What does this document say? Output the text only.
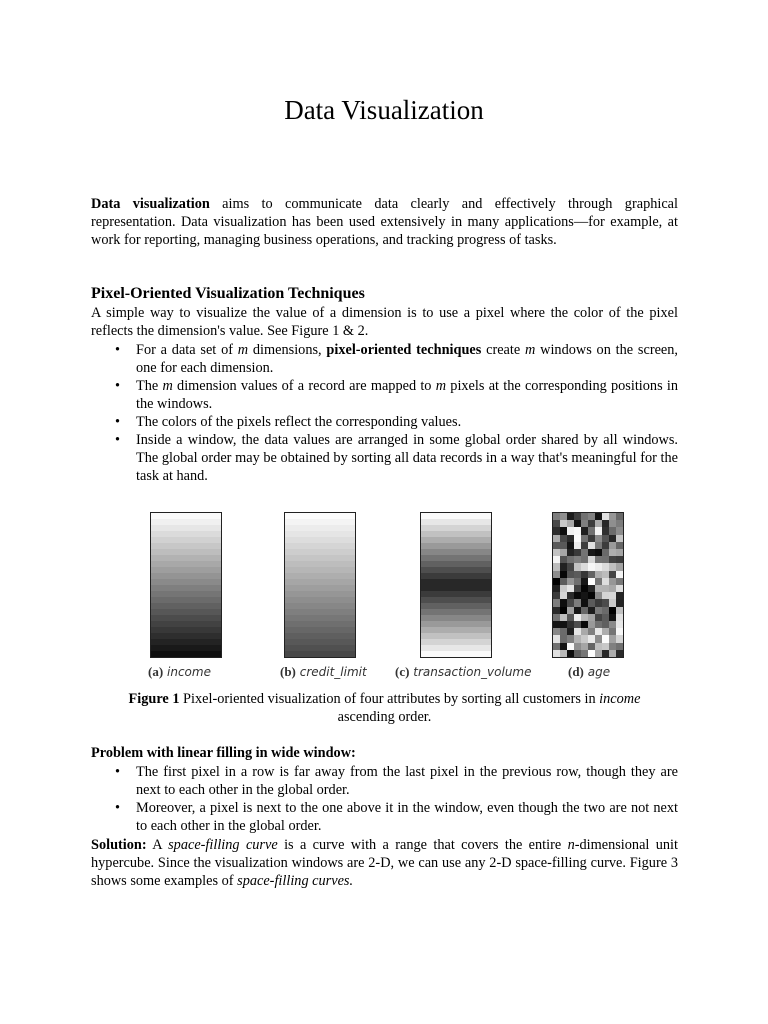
Data Visualization

Data visualization aims to communicate data clearly and effectively through graphical representation. Data visualization has been used extensively in many applications—for example, at work for reporting, managing business operations, and tracking progress of tasks.

Pixel-Oriented Visualization Techniques

A simple way to visualize the value of a dimension is to use a pixel where the color of the pixel reflects the dimension's value. See Figure 1 & 2.

• For a data set of m dimensions, pixel-oriented techniques create m windows on the screen, one for each dimension.
• The m dimension values of a record are mapped to m pixels at the corresponding positions in the windows.
• The colors of the pixels reflect the corresponding values.
• Inside a window, the data values are arranged in some global order shared by all windows. The global order may be obtained by sorting all data records in a way that's meaningful for the task at hand.
(a) income	(b) credit_limit (c) transaction_volume	(d) age

Figure 1 Pixel-oriented visualization of four attributes by sorting all customers in income
ascending order.

Problem with linear filling in wide window:

• The first pixel in a row is far away from the last pixel in the previous row, though they are next to each other in the global order.
• Moreover, a pixel is next to the one above it in the window, even though the two are not next to each other in the global order.

Solution: A space-filling curve is a curve with a range that covers the entire n-dimensional unit hypercube. Since the visualization windows are 2-D, we can use any 2-D space-filling curve. Figure 3 shows some examples of space-filling curves.
